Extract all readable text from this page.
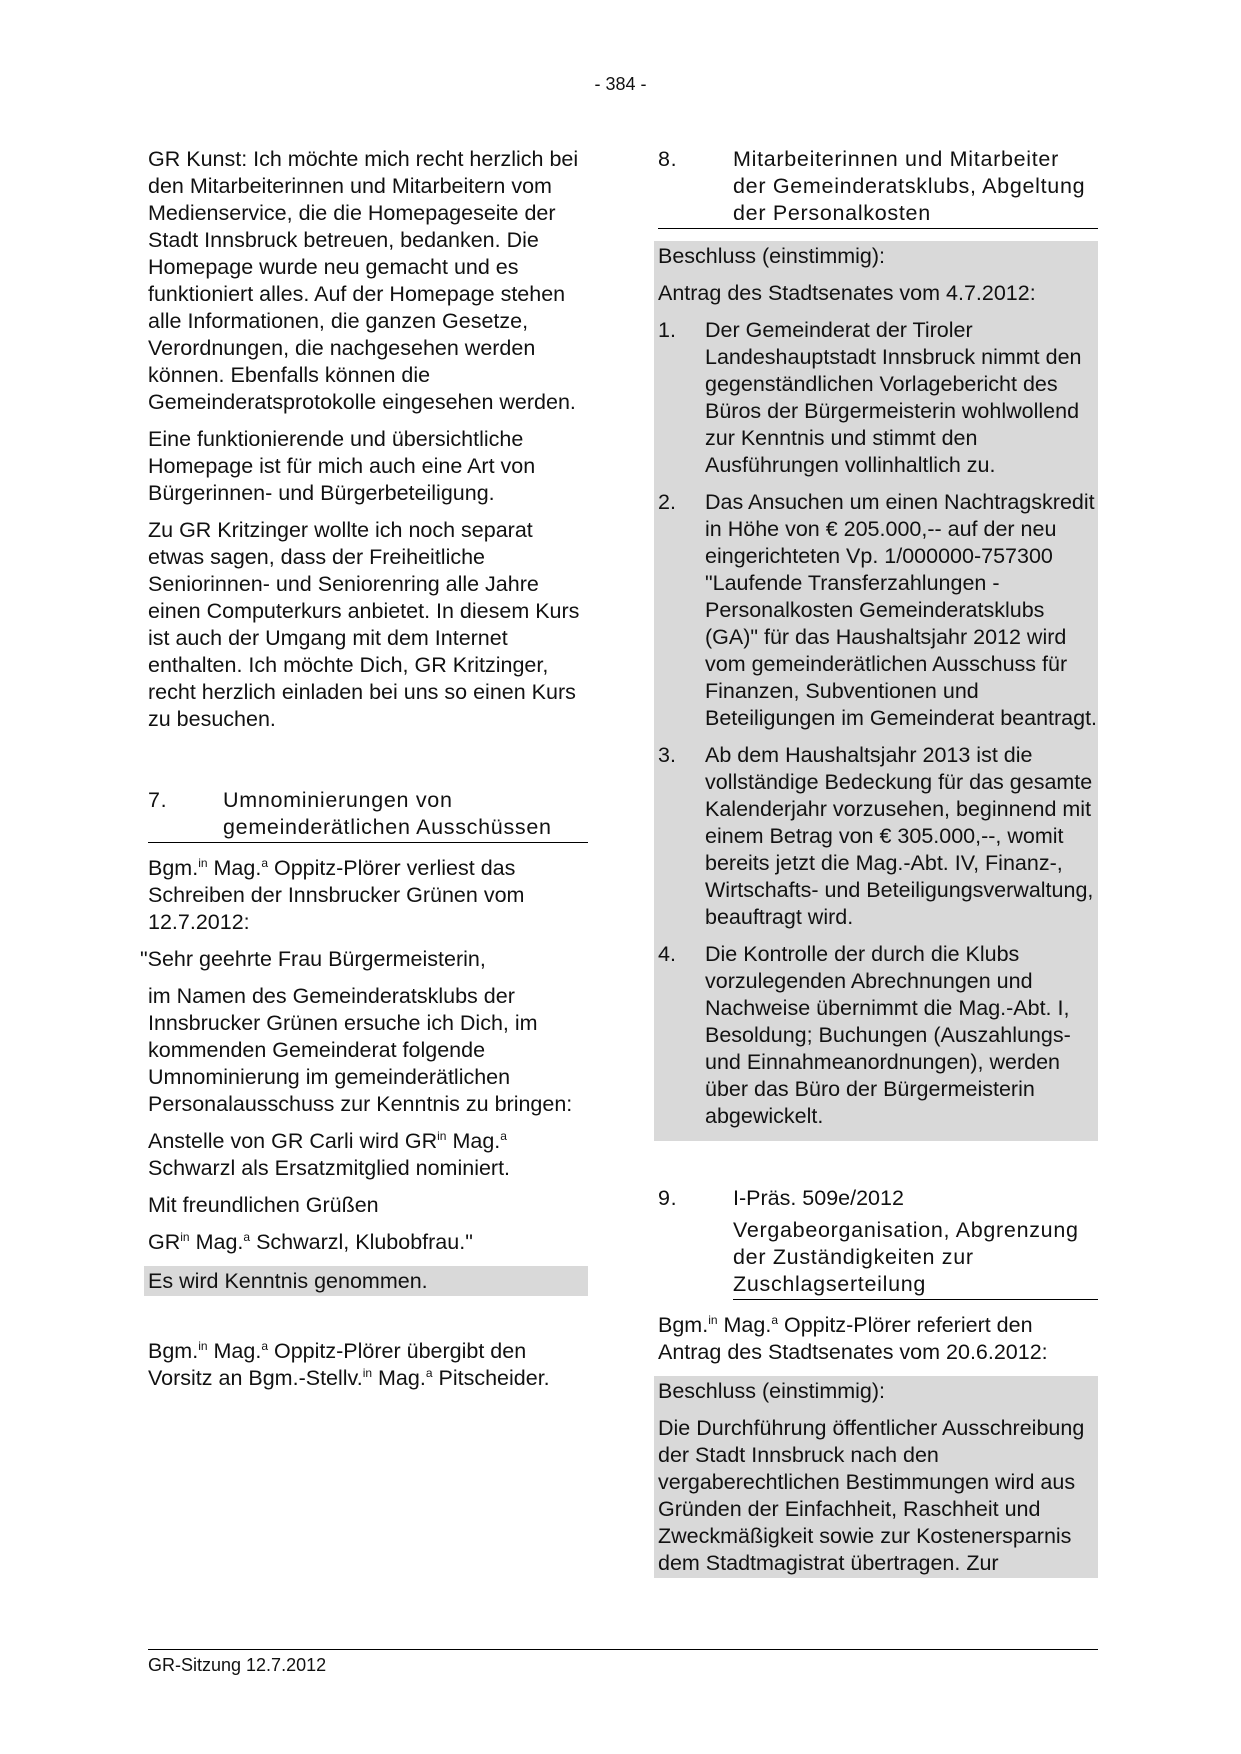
- 384 -

GR Kunst: Ich möchte mich recht herzlich bei den Mitarbeiterinnen und Mitarbeitern vom Medienservice, die die Homepageseite der Stadt Innsbruck betreuen, bedanken. Die Homepage wurde neu gemacht und es funktioniert alles. Auf der Homepage stehen alle Informationen, die ganzen Gesetze, Verordnungen, die nachgesehen werden können. Ebenfalls können die Gemeinderatsprotokolle eingesehen werden.

Eine funktionierende und übersichtliche Homepage ist für mich auch eine Art von Bürgerinnen- und Bürgerbeteiligung.

Zu GR Kritzinger wollte ich noch separat etwas sagen, dass der Freiheitliche Seniorinnen- und Seniorenring alle Jahre einen Computerkurs anbietet. In diesem Kurs ist auch der Umgang mit dem Internet enthalten. Ich möchte Dich, GR Kritzinger, recht herzlich einladen bei uns so einen Kurs zu besuchen.

7.	Umnominierungen von gemeinderätlichen Ausschüssen

Bgm.$^{in}$ Mag.$^a$ Oppitz-Plörer verliest das Schreiben der Innsbrucker Grünen vom 12.7.2012:

"Sehr geehrte Frau Bürgermeisterin,

im Namen des Gemeinderatsklubs der Innsbrucker Grünen ersuche ich Dich, im kommenden Gemeinderat folgende Umnominierung im gemeinderätlichen Personalausschuss zur Kenntnis zu bringen:

Anstelle von GR Carli wird $GR^{in}$ Mag.$^a$ Schwarzl als Ersatzmitglied nominiert.

Mit freundlichen Grüßen

$GR^{in}$ Mag.$^a$ Schwarzl, Klubobfrau."

Es wird Kenntnis genommen.

Bgm.$^{in}$ Mag.$^a$ Oppitz-Plörer übergibt den Vorsitz an Bgm.-Stellv.$^{in}$ Mag.$^a$ Pitscheider.

8.	Mitarbeiterinnen und Mitarbeiter der Gemeinderatsklubs, Abgeltung der Personalkosten

Beschluss (einstimmig):

Antrag des Stadtsenates vom 4.7.2012:

1.	Der Gemeinderat der Tiroler Landeshauptstadt Innsbruck nimmt den gegenständlichen Vorlagebericht des Büros der Bürgermeisterin wohlwollend zur Kenntnis und stimmt den Ausführungen vollinhaltlich zu.
2.	Das Ansuchen um einen Nachtragskredit in Höhe von € 205.000,-- auf der neu eingerichteten Vp. 1/000000-757300 "Laufende Transferzahlungen - Personalkosten Gemeinderatsklubs (GA)" für das Haushaltsjahr 2012 wird vom gemeinderätlichen Ausschuss für Finanzen, Subventionen und Beteiligungen im Gemeinderat beantragt.
3.	Ab dem Haushaltsjahr 2013 ist die vollständige Bedeckung für das gesamte Kalenderjahr vorzusehen, beginnend mit einem Betrag von € 305.000,--, womit bereits jetzt die Mag.-Abt. IV, Finanz-, Wirtschafts- und Beteiligungsverwaltung, beauftragt wird.
4.	Die Kontrolle der durch die Klubs vorzulegenden Abrechnungen und Nachweise übernimmt die Mag.-Abt. I, Besoldung; Buchungen (Auszahlungs- und Einnahmeanordnungen), werden über das Büro der Bürgermeisterin abgewickelt.
9.	I-Präs. 509e/2012
Vergabeorganisation, Abgrenzung der Zuständigkeiten zur Zuschlagserteilung

Bgm.$^{in}$ Mag.$^a$ Oppitz-Plörer referiert den Antrag des Stadtsenates vom 20.6.2012:

Beschluss (einstimmig):

Die Durchführung öffentlicher Ausschreibung der Stadt Innsbruck nach den vergaberechtlichen Bestimmungen wird aus Gründen der Einfachheit, Raschheit und Zweckmäßigkeit sowie zur Kostenersparnis dem Stadtmagistrat übertragen. Zur

GR-Sitzung 12.7.2012
